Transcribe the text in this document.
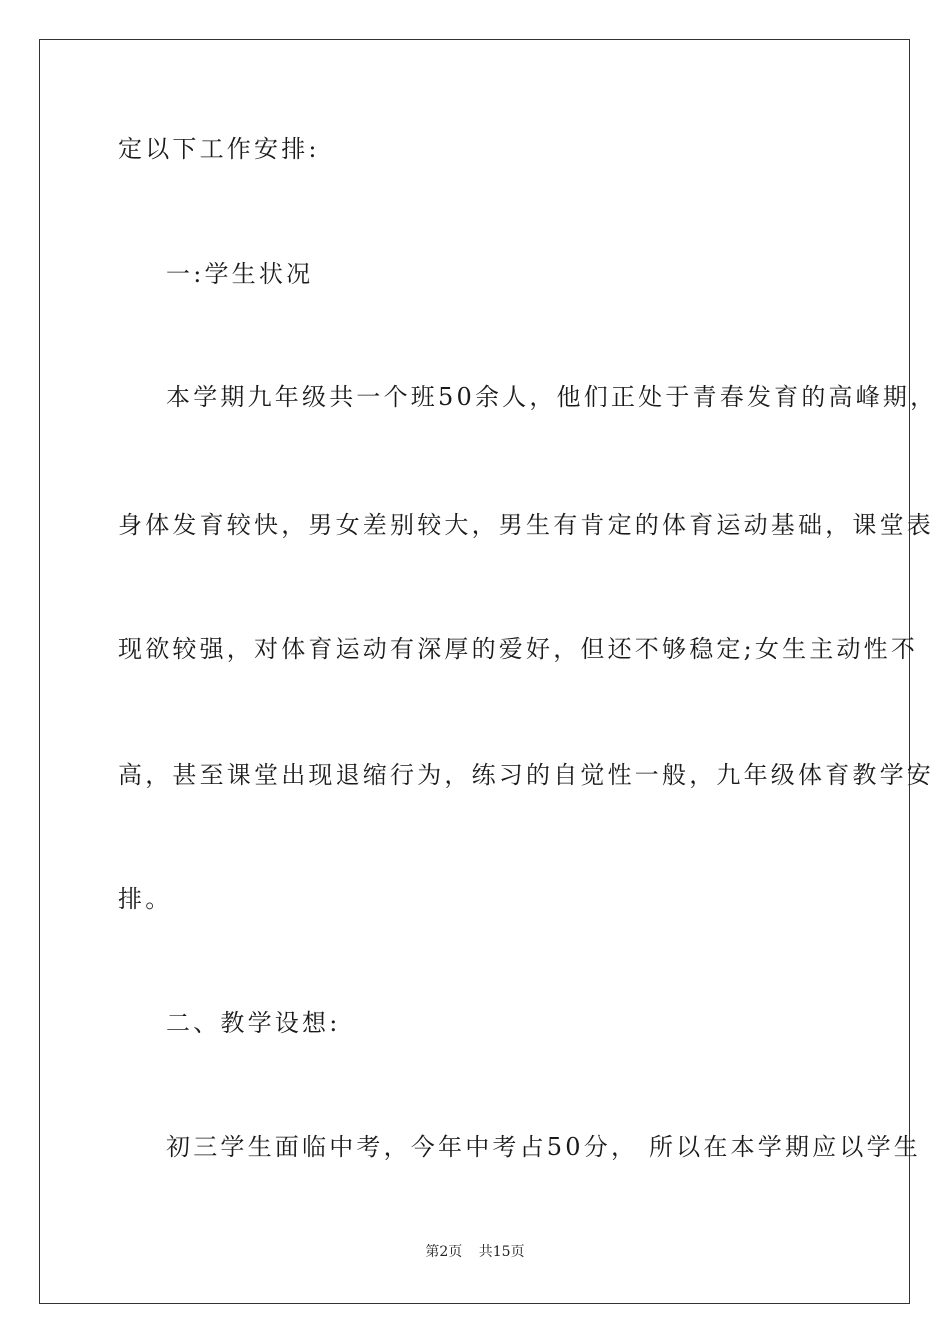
定以下工作安排:
一:学生状况
本学期九年级共一个班50余人，他们正处于青春发育的高峰期，
身体发育较快，男女差别较大，男生有肯定的体育运动基础，课堂表
现欲较强，对体育运动有深厚的爱好，但还不够稳定;女生主动性不
高，甚至课堂出现退缩行为，练习的自觉性一般，九年级体育教学安
排。
二、教学设想:
初三学生面临中考，今年中考占50分， 所以在本学期应以学生
第2页 共15页
